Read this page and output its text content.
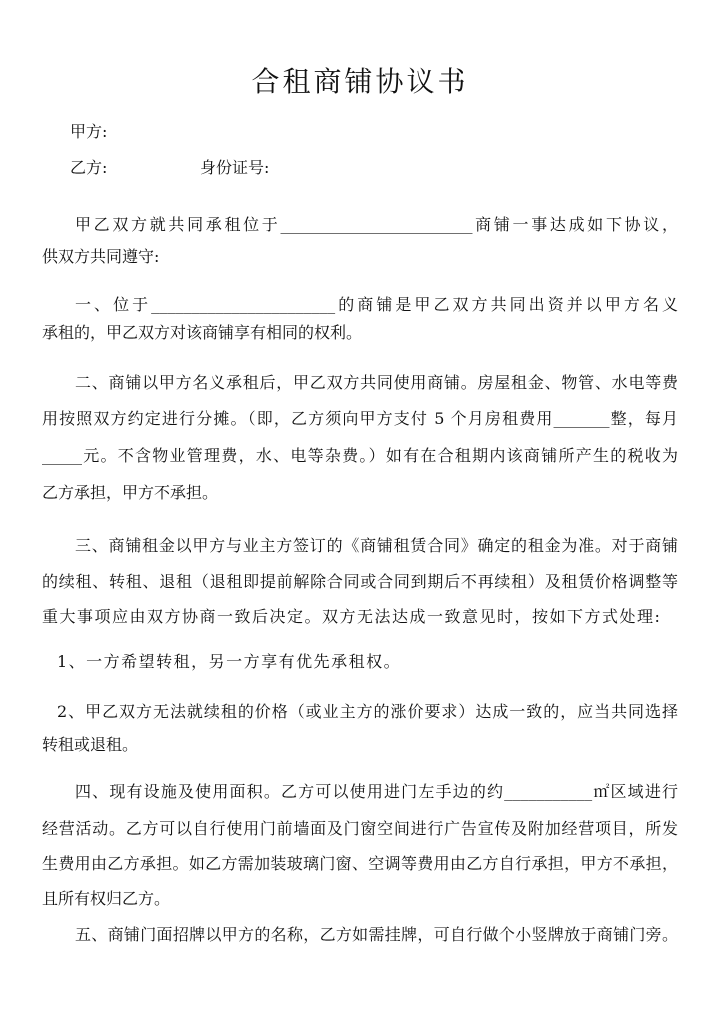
合租商铺协议书
甲方:
乙方:	身份证号:
甲乙双方就共同承租位于________________________商铺一事达成如下协议，
供双方共同遵守:
一、位于_______________________的商铺是甲乙双方共同出资并以甲方名义
承租的，甲乙双方对该商铺享有相同的权利。
二、商铺以甲方名义承租后，甲乙双方共同使用商铺。房屋租金、物管、水电等费
用按照双方约定进行分摊。（即，乙方须向甲方支付 5 个月房租费用_______整，每月
_____元。不含物业管理费，水、电等杂费。）如有在合租期内该商铺所产生的税收为
乙方承担，甲方不承担。
三、商铺租金以甲方与业主方签订的《商铺租赁合同》确定的租金为准。对于商铺
的续租、转租、退租（退租即提前解除合同或合同到期后不再续租）及租赁价格调整等
重大事项应由双方协商一致后决定。双方无法达成一致意见时，按如下方式处理:
1、一方希望转租，另一方享有优先承租权。
2、甲乙双方无法就续租的价格（或业主方的涨价要求）达成一致的，应当共同选择
转租或退租。
四、现有设施及使用面积。乙方可以使用进门左手边的约___________㎡区域进行
经营活动。乙方可以自行使用门前墙面及门窗空间进行广告宣传及附加经营项目，所发
生费用由乙方承担。如乙方需加装玻璃门窗、空调等费用由乙方自行承担，甲方不承担，
且所有权归乙方。
五、商铺门面招牌以甲方的名称，乙方如需挂牌，可自行做个小竖牌放于商铺门旁。
